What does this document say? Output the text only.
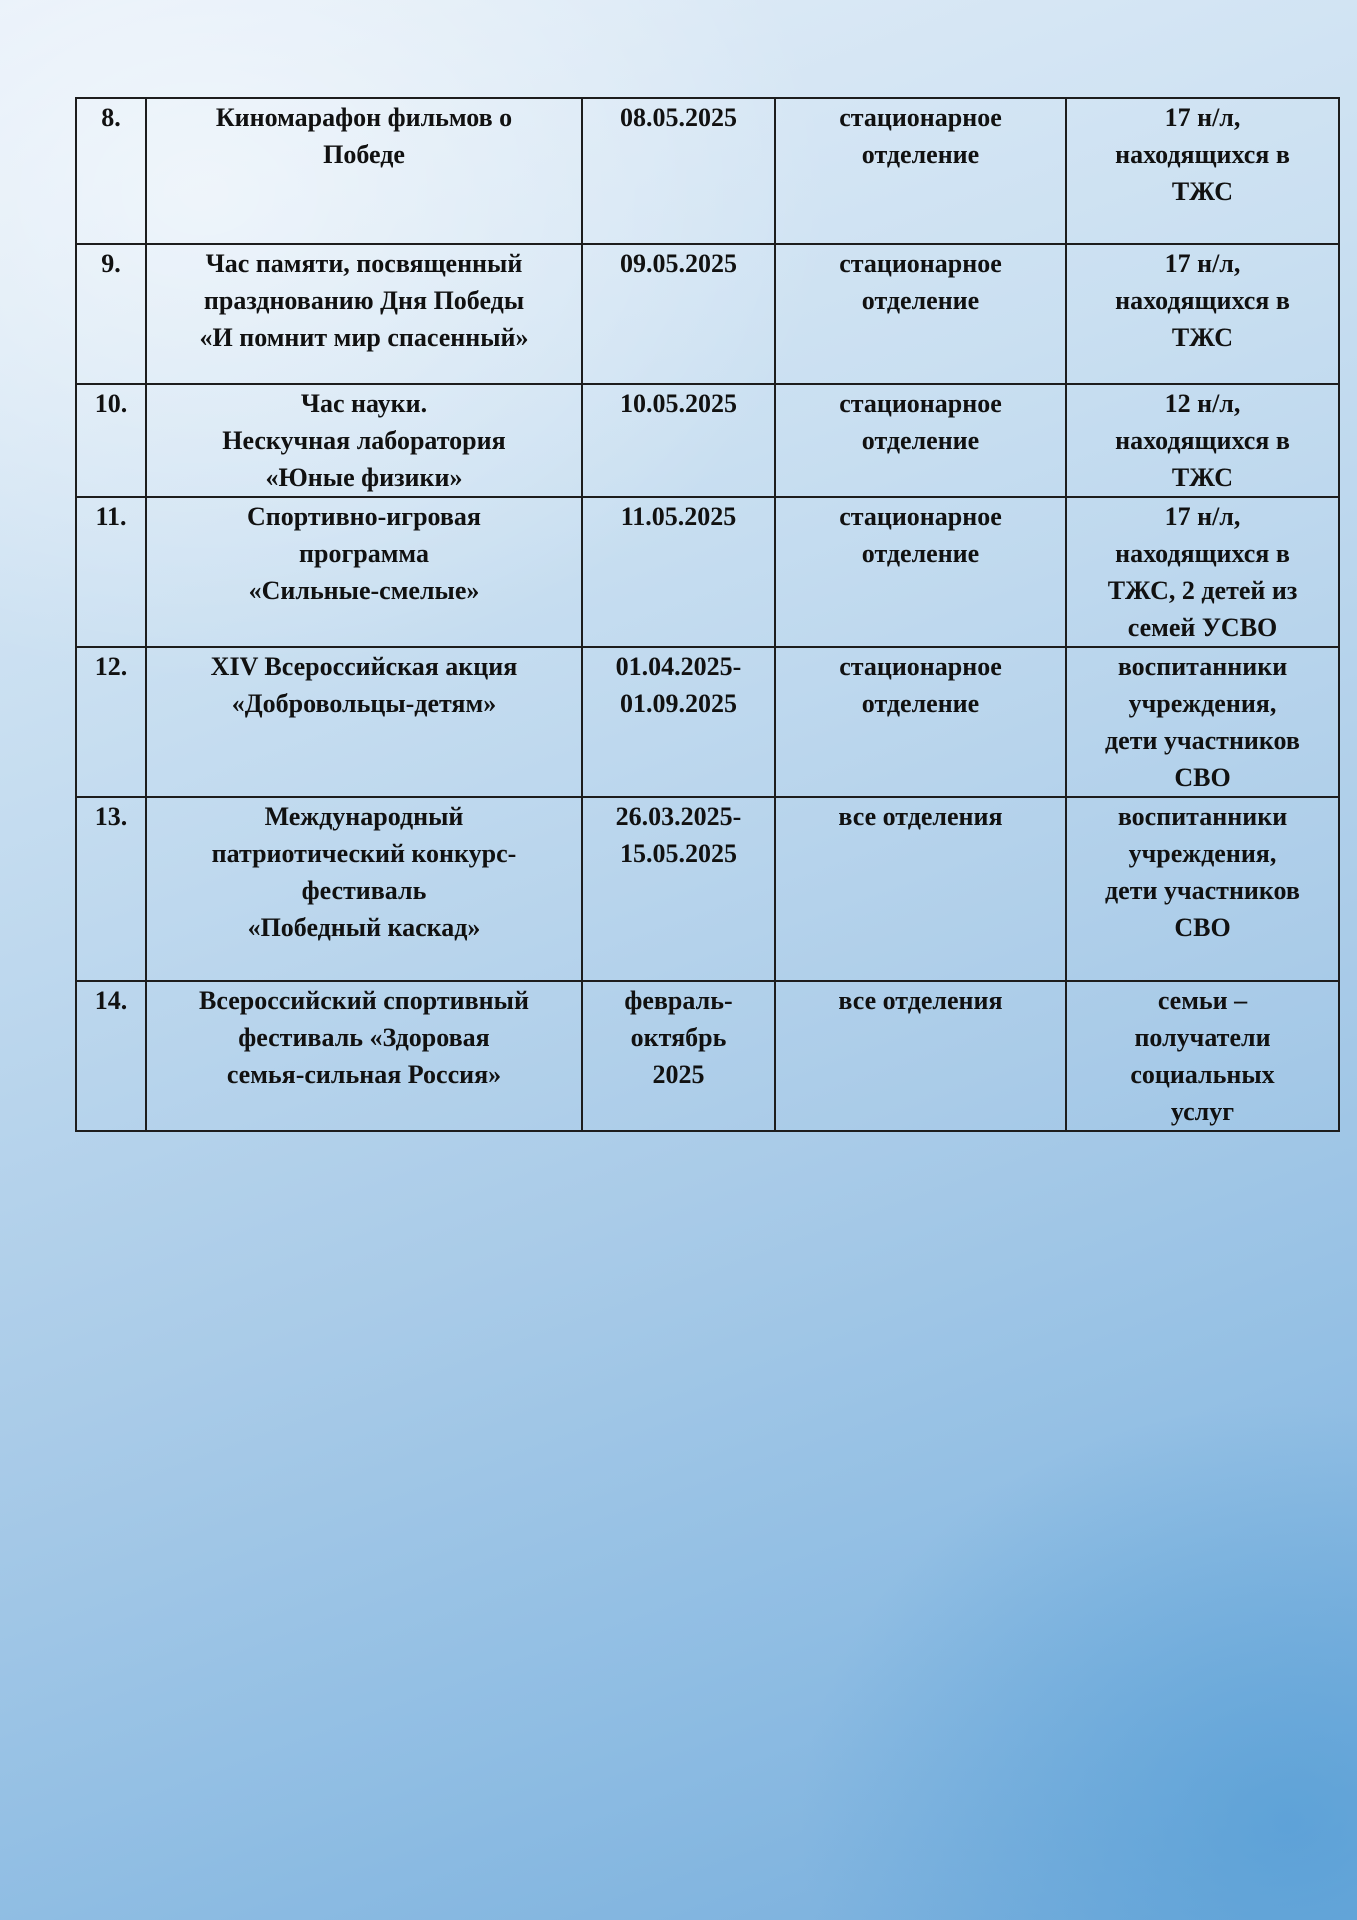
8.	Киномарафон фильмов о
Победе	08.05.2025	стационарное
отделение	17 н/л,
находящихся в
ТЖС
9.	Час памяти, посвященный
празднованию Дня Победы
«И помнит мир спасенный»	09.05.2025	стационарное
отделение	17 н/л,
находящихся в
ТЖС
10.	Час науки.
Нескучная лаборатория
«Юные физики»	10.05.2025	стационарное
отделение	12 н/л,
находящихся в
ТЖС
11.	Спортивно-игровая
программа
«Сильные-смелые»	11.05.2025	стационарное
отделение	17 н/л,
находящихся в
ТЖС, 2 детей из
семей УСВО
12.	XIV Всероссийская акция
«Добровольцы-детям»	01.04.2025-
01.09.2025	стационарное
отделение	воспитанники
учреждения,
дети участников
СВО
13.	Международный
патриотический конкурс-
фестиваль
«Победный каскад»	26.03.2025-
15.05.2025	все отделения	воспитанники
учреждения,
дети участников
СВО
14.	Всероссийский спортивный
фестиваль «Здоровая
семья-сильная Россия»	февраль-
октябрь
2025	все отделения	семьи –
получатели
социальных
услуг
